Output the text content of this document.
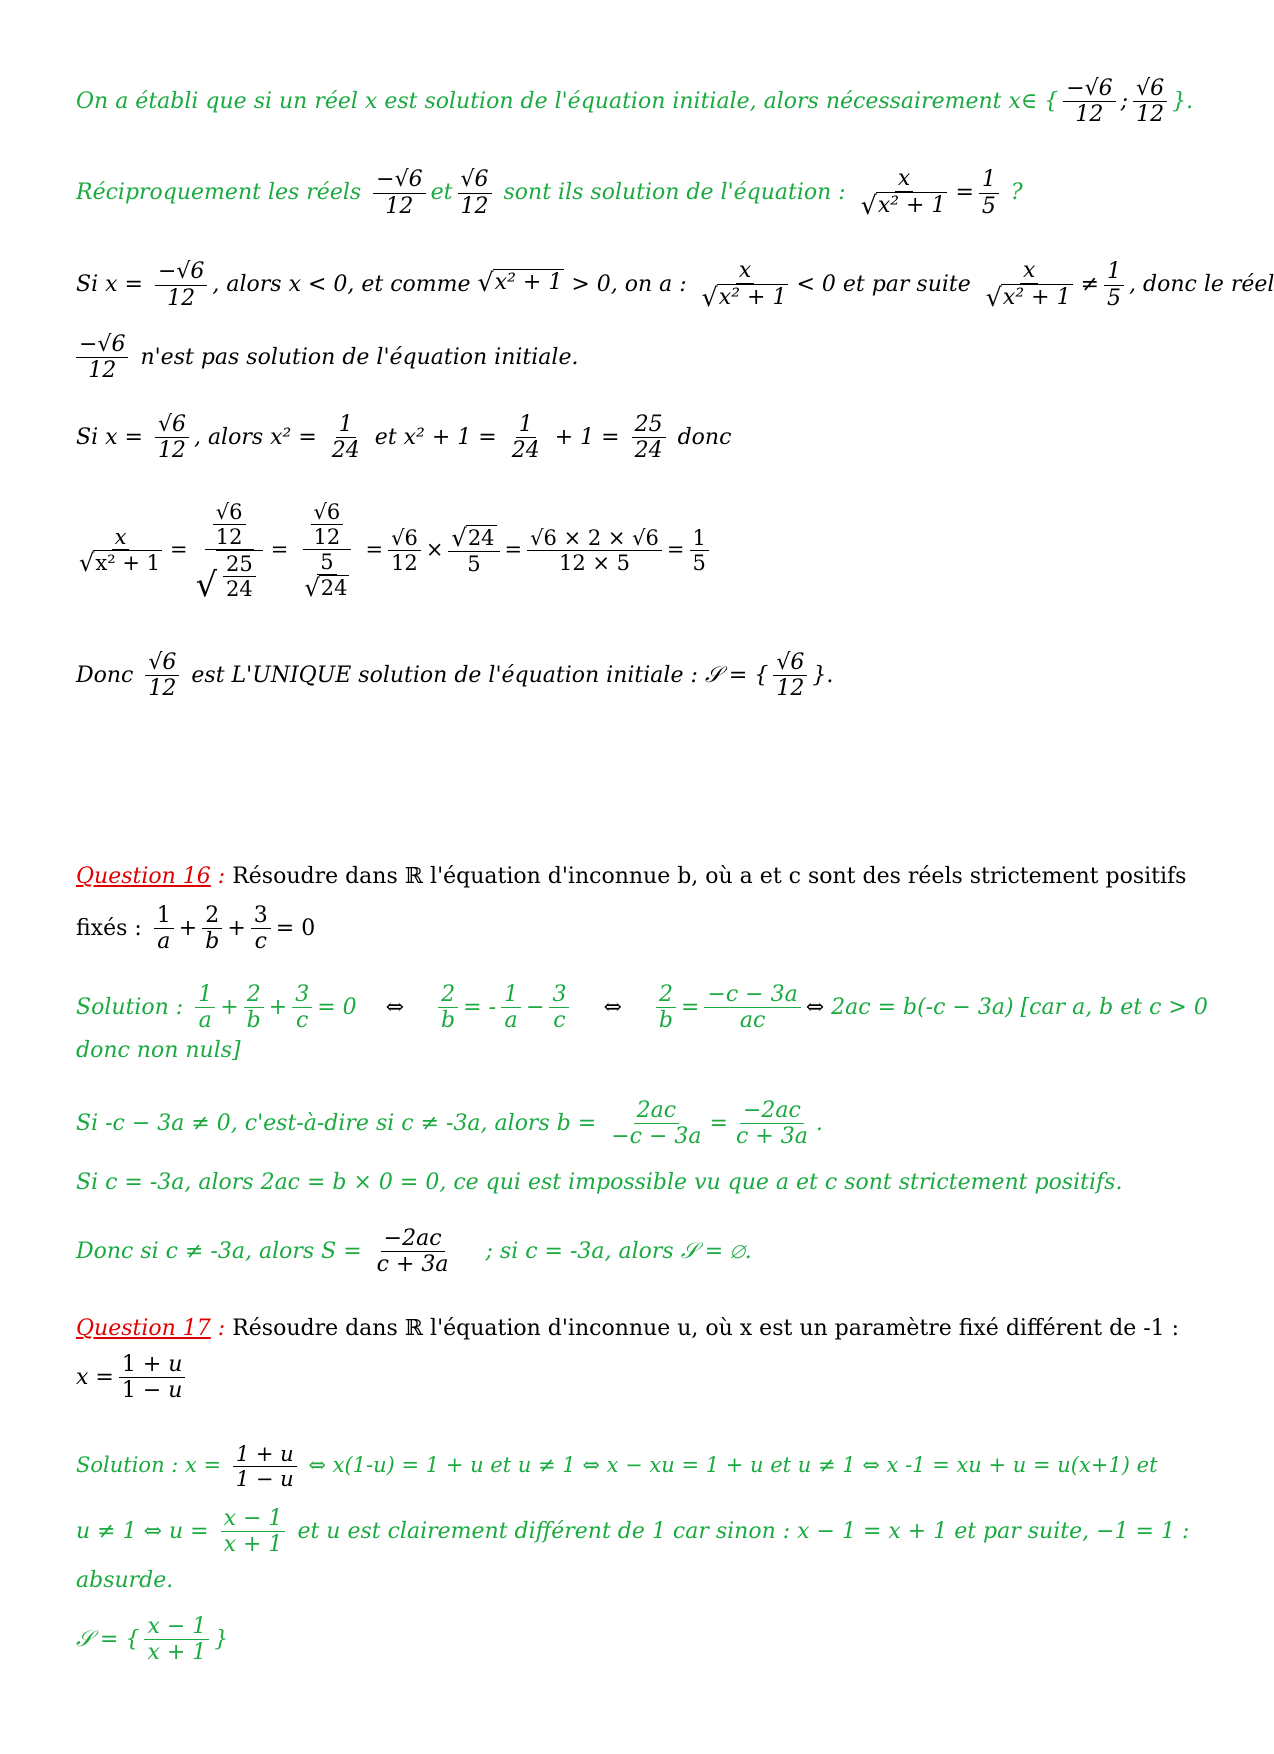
On a établi que si un réel x est solution de l'équation initiale, alors nécessairement x∈ { $\frac{-√6}{12}$ ; $\frac{√6}{12}$ }.
Réciproquement les réels $\frac{-√6}{12}$ et $\frac{√6}{12}$ sont ils solution de l'équation : $\frac{x}{\text{√ x² + 1}} = \frac{1}{5}$ ?
Si $x = \frac{-√6}{12}$ , alors x < 0, et comme √ x² + 1 > 0, on a : $\frac{x}{\text{√ x² + 1}} < 0$ et par suite $\frac{x}{\text{√ x² + 1}} \ne \frac{1}{5}$ , donc le réel
$\frac{-√6}{12} n'est$ pas solution de l'équation initiale.
Si $x = \frac{√6}{12}$ , alors $x^2 = \frac{1}{24}$ et $x^2 + 1 = \frac{1}{24} + 1 = \frac{25}{24}$ donc
$\frac{x}{\text{√ x² + 1}} = \frac{\frac{√6}{12}}{√ \frac{25}{24}} = \frac{\frac{√6}{12}}{\frac{5}{√ 24}} = \frac{√6}{12} \times \frac{√ 24}{5} = \frac{√6 \times 2 \times √6}{12 \times 5} = \frac{1}{5}$
Donc $\frac{√6}{12}$ est L'UNIQUE solution de l'équation initiale : 𝒮 = { $\frac{√6}{12}$ }.
Question 16 : Résoudre dans ℝ l'équation d'inconnue b, où a et c sont des réels strictement positifs
fixés : $\frac{1}{a} + \frac{2}{b} + \frac{3}{c} = 0$
Solution : $\frac{1}{a} + \frac{2}{b} + \frac{3}{c} = 0$ ⇔ $\frac{2}{b}$ = - $\frac{1}{a} - \frac{3}{c}$ ⇔ $\frac{2}{b} = \frac{-c - 3a}{ac}$ ⇔ 2ac = b(-c − 3a) [car a, b et c > 0
donc non nuls]
Si -c − 3a ≠ 0, c'est-à-dire si c ≠ -3a, alors $b = \frac{2ac}{-c - 3a} = \frac{-2ac}{c + 3a}$ .
Si c = -3a, alors 2ac = b × 0 = 0, ce qui est impossible vu que a et c sont strictement positifs.
Donc si c ≠ -3a, alors $S = \frac{-2ac}{c + 3a}$ ; si c = -3a, alors 𝒮 = ∅.
Question 17 : Résoudre dans ℝ l'équation d'inconnue u, où x est un paramètre fixé différent de -1 :
$x = \frac{1 + u}{1 - u}$
Solution : $x = \frac{1 + u}{1 - u}$ ⇔ x(1-u) = 1 + u et u ≠ 1 ⇔ x − xu = 1 + u et u ≠ 1 ⇔ x -1 = xu + u = u(x+1) et
u ≠ 1 ⇔ $u = \frac{x - 1}{x + 1}$ et u est clairement différent de 1 car sinon : x − 1 = x + 1 et par suite, −1 = 1 :
absurde.
𝒮 = { $\frac{x - 1}{x + 1}$ }
